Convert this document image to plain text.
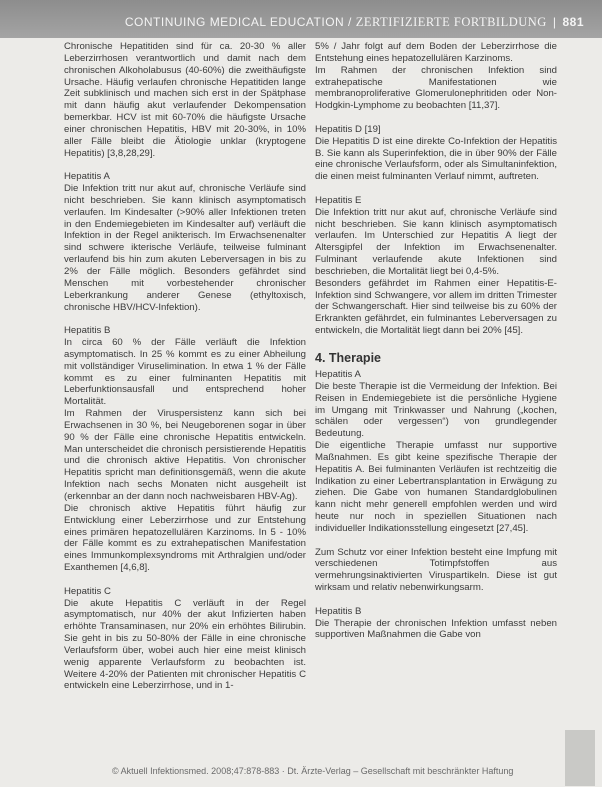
CONTINUING MEDICAL EDUCATION / ZERTIFIZIERTE FORTBILDUNG | 881

Chronische Hepatitiden sind für ca. 20-30 % aller Leberzirrhosen verantwortlich und damit nach dem chronischen Alkoholabusus (40-60%) die zweithäufigste Ursache. Häufig verlaufen chronische Hepatitiden lange Zeit subklinisch und machen sich erst in der Spätphase mit dann häufig akut verlaufender Dekompensation bemerkbar. HCV ist mit 60-70% die häufigste Ursache einer chronischen Hepatitis, HBV mit 20-30%, in 10% aller Fälle bleibt die Ätiologie unklar (kryptogene Hepatitis) [3,8,28,29].

Hepatitis A

Die Infektion tritt nur akut auf, chronische Verläufe sind nicht beschrieben. Sie kann klinisch asymptomatisch verlaufen. Im Kindesalter (>90% aller Infektionen treten in den Endemiegebieten im Kindesalter auf) verläuft die Infektion in der Regel anikterisch. Im Erwachsenenalter sind schwere ikterische Verläufe, teilweise fulminant verlaufend bis hin zum akuten Leberversagen in bis zu 2% der Fälle möglich. Besonders gefährdet sind Menschen mit vorbestehender chronischer Leberkrankung anderer Genese (ethyltoxisch, chronische HBV/HCV-Infektion).

Hepatitis B

In circa 60 % der Fälle verläuft die Infektion asymptomatisch. In 25 % kommt es zu einer Abheilung mit vollständiger Viruselimination. In etwa 1 % der Fälle kommt es zu einer fulminanten Hepatitis mit Leberfunktionsausfall und entsprechend hoher Mortalität.

Im Rahmen der Viruspersistenz kann sich bei Erwachsenen in 30 %, bei Neugeborenen sogar in über 90 % der Fälle eine chronische Hepatitis entwickeln. Man unterscheidet die chronisch persistierende Hepatitis und die chronisch aktive Hepatitis. Von chronischer Hepatitis spricht man definitionsgemäß, wenn die akute Infektion nach sechs Monaten nicht ausgeheilt ist (erkennbar an der dann noch nachweisbaren HBV-Ag).

Die chronisch aktive Hepatitis führt häufig zur Entwicklung einer Leberzirrhose und zur Entstehung eines primären hepatozellulären Karzinoms. In 5 - 10% der Fälle kommt es zu extrahepatischen Manifestation eines Immunkomplexsyndroms mit Arthralgien und/oder Exanthemen [4,6,8].

Hepatitis C

Die akute Hepatitis C verläuft in der Regel asymptomatisch, nur 40% der akut Infizierten haben erhöhte Transaminasen, nur 20% ein erhöhtes Bilirubin. Sie geht in bis zu 50-80% der Fälle in eine chronische Verlaufsform über, wobei auch hier eine meist klinisch wenig apparente Verlaufsform zu beobachten ist. Weitere 4-20% der Patienten mit chronischer Hepatitis C entwickeln eine Leberzirrhose, und in 1-

5% / Jahr folgt auf dem Boden der Leberzirrhose die Entstehung eines hepatozellulären Karzinoms.

Im Rahmen der chronischen Infektion sind extrahepatische Manifestationen wie membranoproliferative Glomerulonephritiden oder Non-Hodgkin-Lymphome zu beobachten [11,37].

Hepatitis D [19]

Die Hepatitis D ist eine direkte Co-Infektion der Hepatitis B. Sie kann als Superinfektion, die in über 90% der Fälle eine chronische Verlaufsform, oder als Simultaninfektion, die einen meist fulminanten Verlauf nimmt, auftreten.

Hepatitis E

Die Infektion tritt nur akut auf, chronische Verläufe sind nicht beschrieben. Sie kann klinisch asymptomatisch verlaufen. Im Unterschied zur Hepatitis A liegt der Altersgipfel der Infektion im Erwachsenenalter. Fulminant verlaufende akute Infektionen sind beschrieben, die Mortalität liegt bei 0,4-5%.

Besonders gefährdet im Rahmen einer Hepatitis-E-Infektion sind Schwangere, vor allem im dritten Trimester der Schwangerschaft. Hier sind teilweise bis zu 60% der Erkrankten gefährdet, ein fulminantes Leberversagen zu entwickeln, die Mortalität liegt dann bei 20% [45].

4. Therapie

Hepatitis A

Die beste Therapie ist die Vermeidung der Infektion. Bei Reisen in Endemiegebiete ist die persönliche Hygiene im Umgang mit Trinkwasser und Nahrung („kochen, schälen oder vergessen“) von grundlegender Bedeutung.

Die eigentliche Therapie umfasst nur supportive Maßnahmen. Es gibt keine spezifische Therapie der Hepatitis A. Bei fulminanten Verläufen ist rechtzeitig die Indikation zu einer Lebertransplantation in Erwägung zu ziehen. Die Gabe von humanen Standardglobulinen kann nicht mehr generell empfohlen werden und wird heute nur noch in speziellen Situationen nach individueller Indikationsstellung eingesetzt [27,45].

Zum Schutz vor einer Infektion besteht eine Impfung mit verschiedenen Totimpfstoffen aus vermehrungsinaktivierten Viruspartikeln. Diese ist gut wirksam und relativ nebenwirkungsarm.

Hepatitis B

Die Therapie der chronischen Infektion umfasst neben supportiven Maßnahmen die Gabe von

© Aktuell Infektionsmed. 2008;47:878-883 · Dt. Ärzte-Verlag – Gesellschaft mit beschränkter Haftung
